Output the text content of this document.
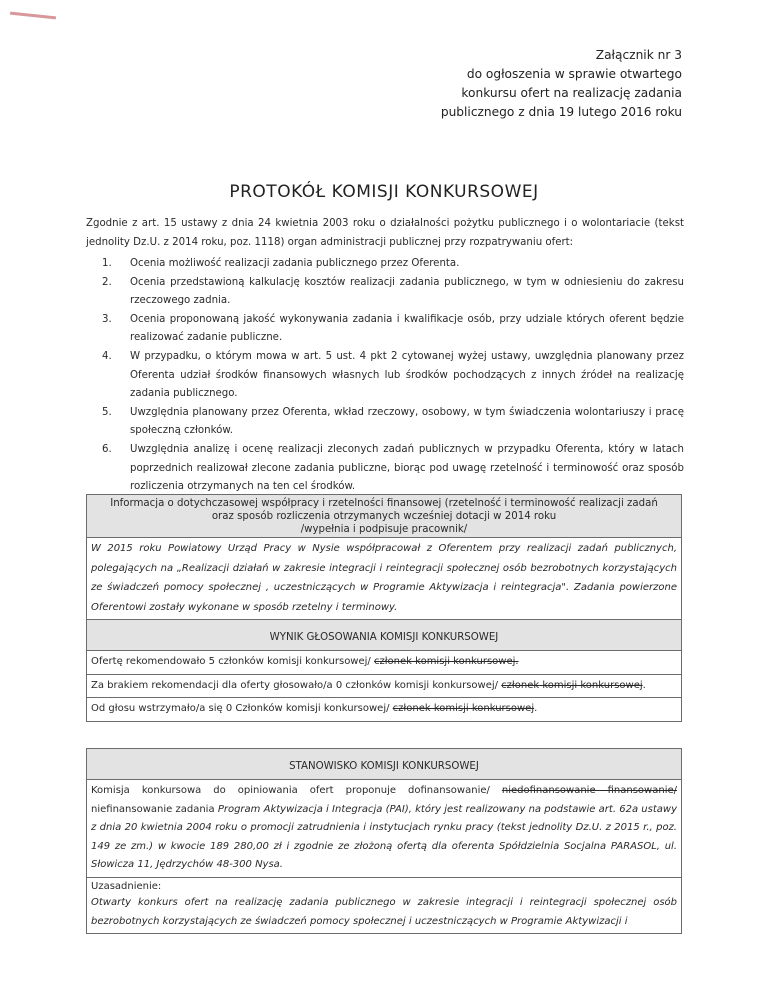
Załącznik nr 3
do ogłoszenia w sprawie otwartego
konkursu ofert na realizację zadania
publicznego z dnia 19 lutego 2016 roku
PROTOKÓŁ KOMISJI KONKURSOWEJ
Zgodnie z art. 15 ustawy z dnia 24 kwietnia 2003 roku o działalności pożytku publicznego i o wolontariacie (tekst jednolity Dz.U. z 2014 roku, poz. 1118) organ administracji publicznej przy rozpatrywaniu ofert:
1. Ocenia możliwość realizacji zadania publicznego przez Oferenta.
2. Ocenia przedstawioną kalkulację kosztów realizacji zadania publicznego, w tym w odniesieniu do zakresu rzeczowego zadnia.
3. Ocenia proponowaną jakość wykonywania zadania i kwalifikacje osób, przy udziale których oferent będzie realizować zadanie publiczne.
4. W przypadku, o którym mowa w art. 5 ust. 4 pkt 2 cytowanej wyżej ustawy, uwzględnia planowany przez Oferenta udział środków finansowych własnych lub środków pochodzących z innych źródeł na realizację zadania publicznego.
5. Uwzględnia planowany przez Oferenta, wkład rzeczowy, osobowy, w tym świadczenia wolontariuszy i pracę społeczną członków.
6. Uwzględnia analizę i ocenę realizacji zleconych zadań publicznych w przypadku Oferenta, który w latach poprzednich realizował zlecone zadania publiczne, biorąc pod uwagę rzetelność i terminowość oraz sposób rozliczenia otrzymanych na ten cel środków.
Informacja o dotychczasowej współpracy i rzetelności finansowej (rzetelność i terminowość realizacji zadań
oraz sposób rozliczenia otrzymanych wcześniej dotacji w 2014 roku
/wypełnia i podpisuje pracownik/
W 2015 roku Powiatowy Urząd Pracy w Nysie współpracował z Oferentem przy realizacji zadań publicznych, polegających na „Realizacji działań w zakresie integracji i reintegracji społecznej osób bezrobotnych korzystających ze świadczeń pomocy społecznej , uczestniczących w Programie Aktywizacja i reintegracja". Zadania powierzone Oferentowi zostały wykonane w sposób rzetelny i terminowy.
WYNIK GŁOSOWANIA KOMISJI KONKURSOWEJ
Ofertę rekomendowało 5 członków komisji konkursowej/ członek komisji konkursowej.
Za brakiem rekomendacji dla oferty głosowało/a 0 członków komisji konkursowej/ członek komisji konkursowej.
Od głosu wstrzymało/a się 0 Członków komisji konkursowej/ członek komisji konkursowej.
STANOWISKO KOMISJI KONKURSOWEJ
Komisja konkursowa do opiniowania ofert proponuje dofinansowanie/ niedofinansowanie finansowanie/ niefinansowanie zadania Program Aktywizacja i Integracja (PAI), który jest realizowany na podstawie art. 62a ustawy z dnia 20 kwietnia 2004 roku o promocji zatrudnienia i instytucjach rynku pracy (tekst jednolity Dz.U. z 2015 r., poz. 149 ze zm.) w kwocie 189 280,00 zł i zgodnie ze złożoną ofertą dla oferenta Spółdzielnia Socjalna PARASOL, ul. Słowicza 11, Jędrzychów 48-300 Nysa.
Uzasadnienie:
Otwarty konkurs ofert na realizację zadania publicznego w zakresie integracji i reintegracji społecznej osób bezrobotnych korzystających ze świadczeń pomocy społecznej i uczestniczących w Programie Aktywizacji i
